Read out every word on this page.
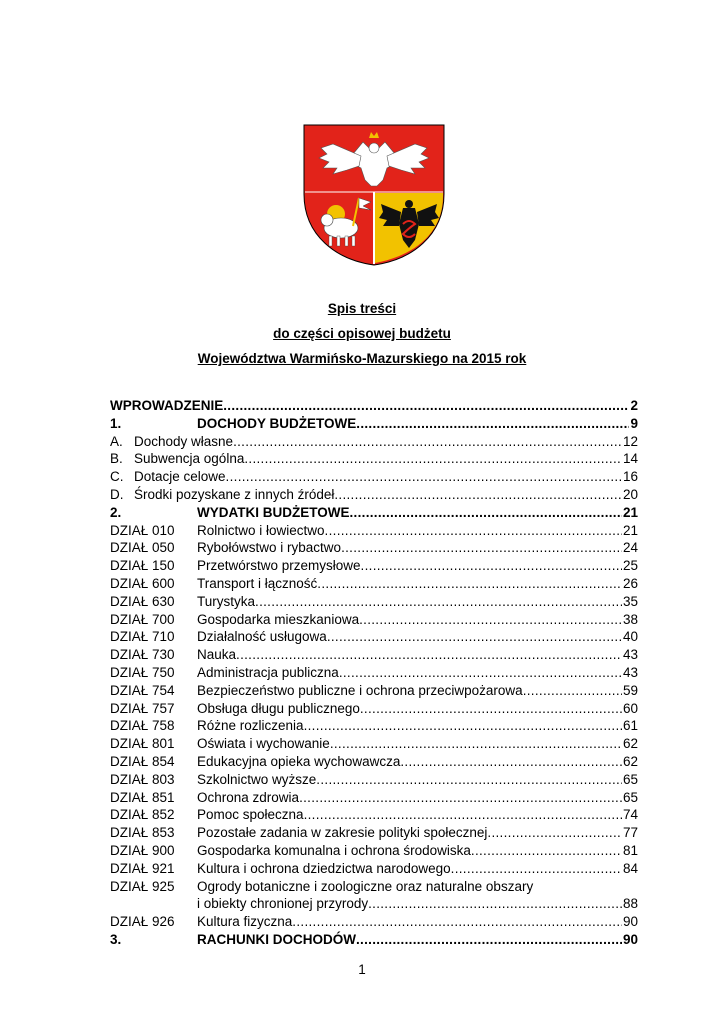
Spis treści
do części opisowej budżetu
Województwa Warmińsko-Mazurskiego na 2015 rok
WPROWADZENIE .....	2
1.	DOCHODY BUDŻETOWE .....	9
A. Dochody własne .....	12
B. Subwencja ogólna .....	14
C. Dotacje celowe .....	16
D. Środki pozyskane z innych źródeł .....	20
2.	WYDATKI BUDŻETOWE .....	21
DZIAŁ 010	Rolnictwo i łowiectwo .....	21
DZIAŁ 050	Rybołówstwo i rybactwo .....	24
DZIAŁ 150	Przetwórstwo przemysłowe .....	25
DZIAŁ 600	Transport i łączność .....	26
DZIAŁ 630	Turystyka .....	35
DZIAŁ 700	Gospodarka mieszkaniowa .....	38
DZIAŁ 710	Działalność usługowa .....	40
DZIAŁ 730	Nauka .....	43
DZIAŁ 750	Administracja publiczna .....	43
DZIAŁ 754	Bezpieczeństwo publiczne i ochrona przeciwpożarowa .....	59
DZIAŁ 757	Obsługa długu publicznego .....	60
DZIAŁ 758	Różne rozliczenia .....	61
DZIAŁ 801	Oświata i wychowanie .....	62
DZIAŁ 854	Edukacyjna opieka wychowawcza .....	62
DZIAŁ 803	Szkolnictwo wyższe .....	65
DZIAŁ 851	Ochrona zdrowia .....	65
DZIAŁ 852	Pomoc społeczna .....	74
DZIAŁ 853	Pozostałe zadania w zakresie polityki społecznej .....	77
DZIAŁ 900	Gospodarka komunalna i ochrona środowiska .....	81
DZIAŁ 921	Kultura i ochrona dziedzictwa narodowego .....	84
DZIAŁ 925	Ogrody botaniczne i zoologiczne oraz naturalne obszary
i obiekty chronionej przyrody .....	88
DZIAŁ 926	Kultura fizyczna .....	90
3.	RACHUNKI DOCHODÓW .....	90
1
